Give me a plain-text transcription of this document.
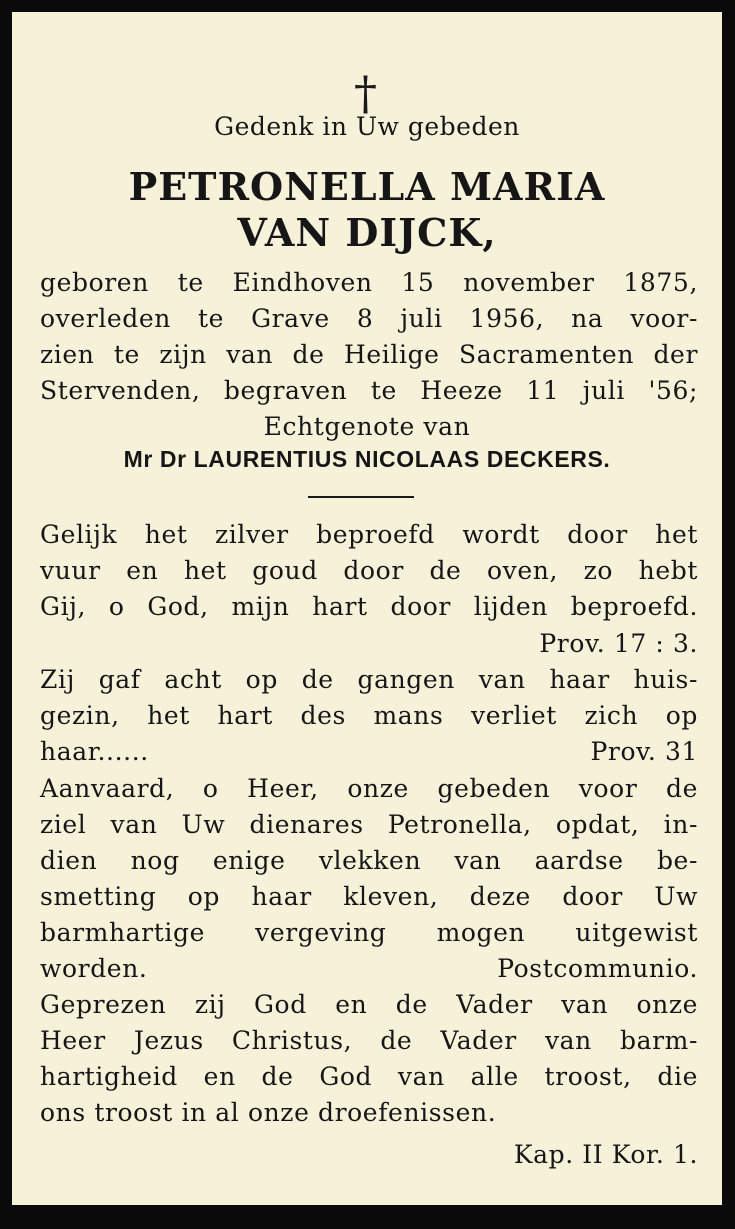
†
Gedenk in Uw gebeden
PETRONELLA MARIA
VAN DIJCK,
geboren te Eindhoven 15 november 1875,
overleden te Grave 8 juli 1956, na voor-
zien te zijn van de Heilige Sacramenten der
Stervenden, begraven te Heeze 11 juli '56;
Echtgenote van
Mr Dr LAURENTIUS NICOLAAS DECKERS.
Gelijk het zilver beproefd wordt door het
vuur en het goud door de oven, zo hebt
Gij, o God, mijn hart door lijden beproefd.
Prov. 17 : 3.
Zij gaf acht op de gangen van haar huis-
gezin, het hart des mans verliet zich op
haar......	Prov. 31
Aanvaard, o Heer, onze gebeden voor de
ziel van Uw dienares Petronella, opdat, in-
dien nog enige vlekken van aardse be-
smetting op haar kleven, deze door Uw
barmhartige vergeving mogen uitgewist
worden.	Postcommunio.
Geprezen zij God en de Vader van onze
Heer Jezus Christus, de Vader van barm-
hartigheid en de God van alle troost, die
ons troost in al onze droefenissen.
Kap. II Kor. 1.
